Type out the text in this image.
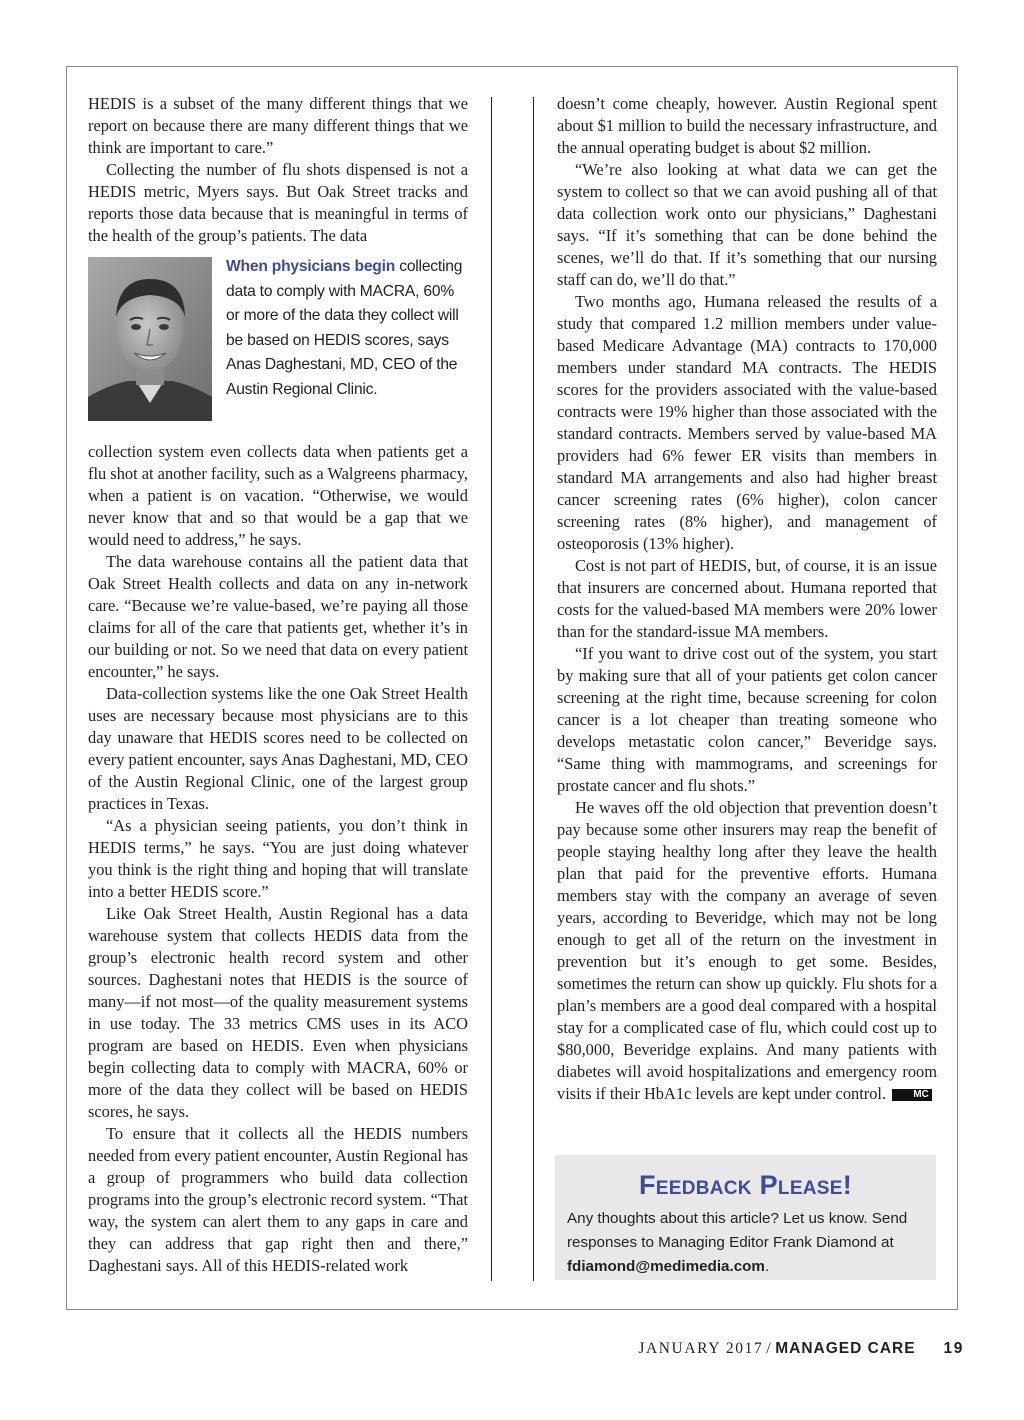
HEDIS is a subset of the many different things that we report on because there are many different things that we think are important to care.”

Collecting the number of flu shots dispensed is not a HEDIS metric, Myers says. But Oak Street tracks and reports those data because that is meaningful in terms of the health of the group’s patients. The data

When physicians begin collecting data to comply with MACRA, 60% or more of the data they collect will be based on HEDIS scores, says Anas Daghestani, MD, CEO of the Austin Regional Clinic.

collection system even collects data when patients get a flu shot at another facility, such as a Walgreens pharmacy, when a patient is on vacation. “Otherwise, we would never know that and so that would be a gap that we would need to address,” he says.

The data warehouse contains all the patient data that Oak Street Health collects and data on any in-network care. “Because we’re value-based, we’re paying all those claims for all of the care that patients get, whether it’s in our building or not. So we need that data on every patient encounter,” he says.

Data-collection systems like the one Oak Street Health uses are necessary because most physicians are to this day unaware that HEDIS scores need to be collected on every patient encounter, says Anas Daghestani, MD, CEO of the Austin Regional Clinic, one of the largest group practices in Texas.

“As a physician seeing patients, you don’t think in HEDIS terms,” he says. “You are just doing whatever you think is the right thing and hoping that will translate into a better HEDIS score.”

Like Oak Street Health, Austin Regional has a data warehouse system that collects HEDIS data from the group’s electronic health record system and other sources. Daghestani notes that HEDIS is the source of many—if not most—of the quality measurement systems in use today. The 33 metrics CMS uses in its ACO program are based on HEDIS. Even when physicians begin collecting data to comply with MACRA, 60% or more of the data they collect will be based on HEDIS scores, he says.

To ensure that it collects all the HEDIS numbers needed from every patient encounter, Austin Regional has a group of programmers who build data collection programs into the group’s electronic record system. “That way, the system can alert them to any gaps in care and they can address that gap right then and there,” Daghestani says. All of this HEDIS-related work

doesn’t come cheaply, however. Austin Regional spent about $1 million to build the necessary infrastructure, and the annual operating budget is about $2 million.

“We’re also looking at what data we can get the system to collect so that we can avoid pushing all of that data collection work onto our physicians,” Daghestani says. “If it’s something that can be done behind the scenes, we’ll do that. If it’s something that our nursing staff can do, we’ll do that.”

Two months ago, Humana released the results of a study that compared 1.2 million members under value-based Medicare Advantage (MA) contracts to 170,000 members under standard MA contracts. The HEDIS scores for the providers associated with the value-based contracts were 19% higher than those associated with the standard contracts. Members served by value-based MA providers had 6% fewer ER visits than members in standard MA arrangements and also had higher breast cancer screening rates (6% higher), colon cancer screening rates (8% higher), and management of osteoporosis (13% higher).

Cost is not part of HEDIS, but, of course, it is an issue that insurers are concerned about. Humana reported that costs for the valued-based MA members were 20% lower than for the standard-issue MA members.

“If you want to drive cost out of the system, you start by making sure that all of your patients get colon cancer screening at the right time, because screening for colon cancer is a lot cheaper than treating someone who develops metastatic colon cancer,” Beveridge says. “Same thing with mammograms, and screenings for prostate cancer and flu shots.”

He waves off the old objection that prevention doesn’t pay because some other insurers may reap the benefit of people staying healthy long after they leave the health plan that paid for the preventive efforts. Humana members stay with the company an average of seven years, according to Beveridge, which may not be long enough to get all of the return on the investment in prevention but it’s enough to get some. Besides, sometimes the return can show up quickly. Flu shots for a plan’s members are a good deal compared with a hospital stay for a complicated case of flu, which could cost up to $80,000, Beveridge explains. And many patients with diabetes will avoid hospitalizations and emergency room visits if their HbA1c levels are kept under control.	MC

Feedback Please!
Any thoughts about this article? Let us know. Send responses to Managing Editor Frank Diamond at fdiamond@medimedia.com.
JANUARY 2017 / MANAGED CARE 19
